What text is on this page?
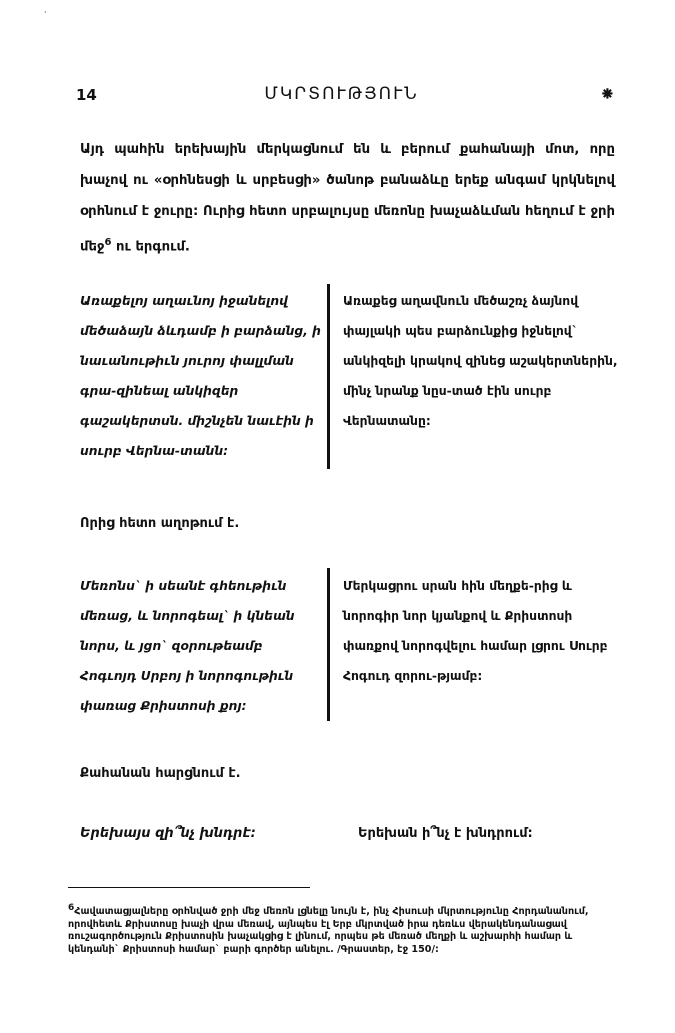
·
14	ՄԿՐՏՈՒԹՅՈՒՆ	⁕
Այդ պահին երեխային մերկացնում են և բերում քահանայի մոտ, որը խաչով ու «օրհնեսցի և սրբեսցի» ծանոթ բանաձևը երեք անգամ կրկնելով օրհնում է ջուրը: Ուրից հետո սրբալույսը մեռոնը խաչաձևման հեղում է ջրի մեջ$^6$ ու երգում.
Առաքելոյ աղաւնոյ իջանելով մեծաձայն ձևդամբ ի բարձանց, ի նաւանութիւն յուրոյ փալլման գրա-զինեալ անկիզեր գաշակերտսն. միշնչեն նաւէին ի սուրբ Վերնա-տանն:
Առաքեց աղավնուն մեծաշռչ ձայնով փայլակի պես բարձունքից իջնելով` անկիզելի կրակով զինեց աշակերտներին, մինչ նրանք նըս-տած էին սուրբ Վերնատանը:
Որից հետո աղոթում է.
Մեռոնս` ի սեանէ գհեութիւն մեռաց, և նորոգեալ` ի կնեան նորս, և յցո` զօրութեամբ Հոգւոյդ Սրբոյ ի նորոգութիւն փառաց Քրիստոսի քոյ:
Մերկացրու սրան հին մեղքե-րից և նորոգիր նոր կյանքով և Քրիստոսի փառքով նորոգվելու համար լցրու Սուրբ Հոգուդ զորու-թյամբ:
Քահանան հարցնում է.
Երեխայս զի՞նչ խնդրէ:	Երեխան ի՞նչ է խնդրում:
$^6$Հավատացյալները օրհնված ջրի մեջ մեռոն լցնելը նույն է, ինչ Հիսուսի մկրտությունը Հորդանանում, որովհետև Քրիստոսը խաչի վրա մեռավ, այնպես էլ Երբ մկրտված իրա դեռևս վերակենդանացավ ռուշագործություն Քրիստոսին խաչակցից է լինում, որպես թե մեռած մեղքի և աշխարհի համար և կենդանի` Քրիստոսի համար` բարի գործեր անելու. /Գրաստեր, էջ 150/:
